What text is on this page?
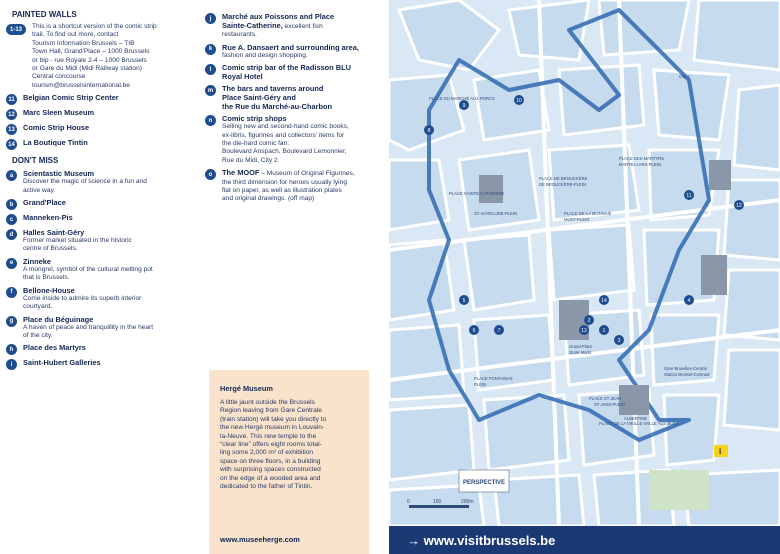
PAINTED WALLS
1-13	This is a shortcut version of the comic strip
trail. To find out more, contact
Tourism Information Brussels – TIB
Town Hall, Grand'Place – 1000 Brussels
or bip - rue Royale 2-4 – 1000 Brussels
or Gare du Midi (Midi Railway station)
Central concourse
tourism@brusselsinternational.be
11	Belgian Comic Strip Center
12 Marc Sleen Museum
13 Comic Strip House
14 La Boutique Tintin
DON'T MISS
a	Scientastic Museum
Discover the magic of science in a fun and
active way.
b	Grand'Place
c	Manneken-Pis
d	Halles Saint-Géry
Former market situated in the historic
centre of Brussels.
e	Zinneke
A mongrel, symbol of the cultural melting pot
that is Brussels.
f	Bellone-House
Come inside to admire its superb interior
courtyard.
g	Place du Béguinage
A haven of peace and tranquillity in the heart
of the city.
h	Place des Martyrs
i	Saint-Hubert Galleries
j	Marché aux Poissons and Place
Sainte-Catherine, excellent fish
restaurants.
k	Rue A. Dansaert and surrounding area,
fashion and design shopping.
l	Comic strip bar of the Radisson BLU
Royal Hotel
m	The bars and taverns around
Place Saint-Géry and
the Rue du Marché-au-Charbon
n	Comic strip shops
Selling new and second-hand comic books,
ex-libris, figurines and collectors' items for
the die-hard comic fan:
Boulevard Anspach, Boulevard Lemonnier,
Rue du Midi, City 2.
o	The MOOF – Museum of Original Figurines,
the third dimension for heroes usually lying
flat on paper, as well as illustration plates
and original drawings. (off map)
Hergé Museum
A little jaunt outside the Brussels
Region leaving from Gare Centrale
(train station) will take you directly to
the new Hergé museum in Louvain-
la-Neuve. This new temple to the
“clear line” offers eight rooms total-
ling some 2,000 m² of exhibition
space on three floors, in a building
with surprising spaces constructed
on the edge of a wooded area and
dedicated to the father of Tintin.
www.museeherge.com
8
9
10
11
12
5
6	7
4
3
2
1
13
14
PLACE SAINTE-CATHERINE
ST.-KATELIJNE-PLEIN
PLACE DE BROUCKÈRE
DE BROUCKÈRE-PLEIN
PLACE DU MARCHÉ AUX PORCS
PLACE DES MARTYRS
MARTELAARS-PLEIN
PLACE DE LA MONNAIE
MUNT-PLEIN
PLACE FONTAINAS
PLEIN
PLACE ST JEAN
ST JANS-PLEIN
PLACE DE LA VIEILLE HALLE AUX BLÉS
ALBERTINE
City 2
Grand-Place
Grote Markt
Gare Bruxelles-Central
Station Brussel-Centraal
PERSPECTIVE
0	100	200m
i
→ www.visitbrussels.be
